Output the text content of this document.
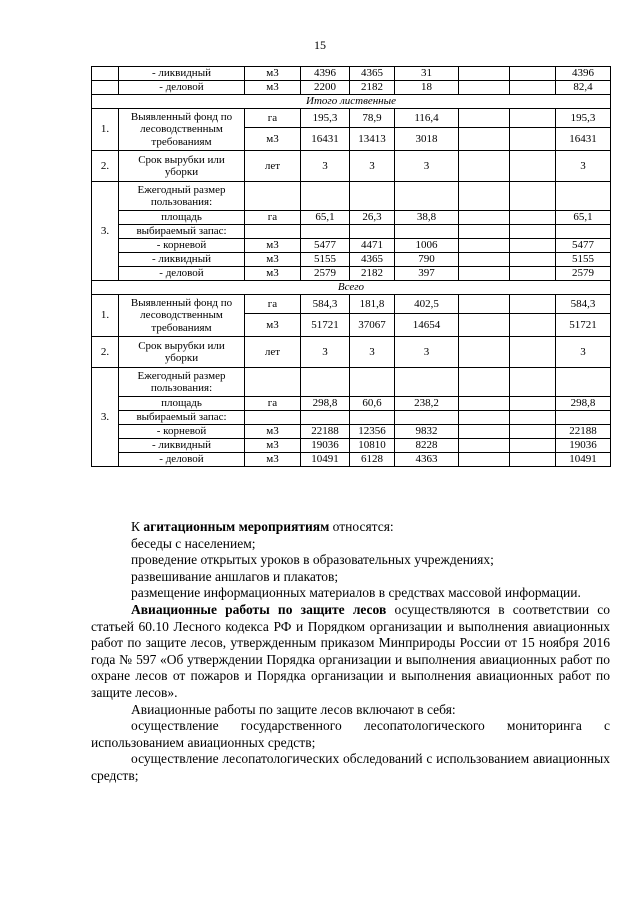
15
	- ликвидный	м3	4396	4365	31			4396
	- деловой	м3	2200	2182	18			82,4
Итого лиственные								
1.	Выявленный фонд по лесоводственным требованиям	га	195,3	78,9	116,4			195,3
		м3	16431	13413	3018			16431
2.	Срок вырубки или уборки	лет	3	3	3			3
3.	Ежегодный размер пользования:							
	площадь	га	65,1	26,3	38,8			65,1
	выбираемый запас:							
	- корневой	м3	5477	4471	1006			5477
	- ликвидный	м3	5155	4365	790			5155
	- деловой	м3	2579	2182	397			2579
Всего								
1.	Выявленный фонд по лесоводственным требованиям	га	584,3	181,8	402,5			584,3
		м3	51721	37067	14654			51721
2.	Срок вырубки или уборки	лет	3	3	3			3
3.	Ежегодный размер пользования:							
	площадь	га	298,8	60,6	238,2			298,8
	выбираемый запас:							
	- корневой	м3	22188	12356	9832			22188
	- ликвидный	м3	19036	10810	8228			19036
	- деловой	м3	10491	6128	4363			10491

К агитационным мероприятиям относятся:

беседы с населением;

проведение открытых уроков в образовательных учреждениях;

развешивание аншлагов и плакатов;

размещение информационных материалов в средствах массовой информации.

Авиационные работы по защите лесов осуществляются в соответствии со статьей 60.10 Лесного кодекса РФ и Порядком организации и выполнения авиационных работ по защите лесов, утвержденным приказом Минприроды России от 15 ноября 2016 года № 597 «Об утверждении Порядка организации и выполнения авиационных работ по охране лесов от пожаров и Порядка организации и выполнения авиационных работ по защите лесов».

Авиационные работы по защите лесов включают в себя:

осуществление государственного лесопатологического мониторинга с использованием авиационных средств;

осуществление лесопатологических обследований с использованием авиационных средств;
